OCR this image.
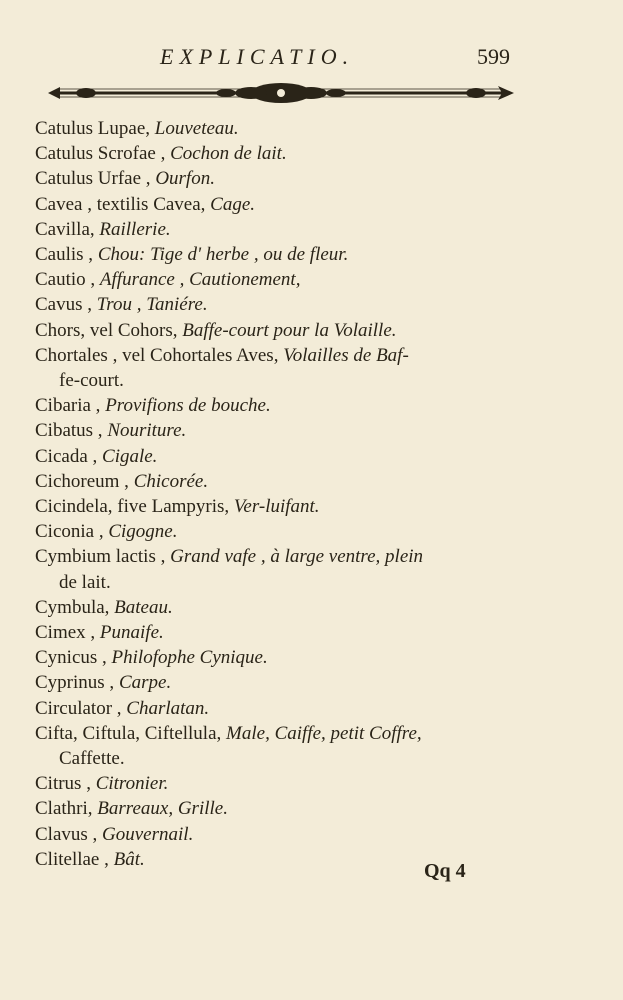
EXPLICATIO.	599
Catulus Lupae, Louveteau.
Catulus Scrofae , Cochon de lait.
Catulus Urfae , Ourfon.
Cavea , textilis Cavea, Cage.
Cavilla, Raillerie.
Caulis , Chou: Tige d' herbe , ou de fleur.
Cautio , Affurance , Cautionement,
Cavus , Trou , Taniére.
Chors, vel Cohors, Baffe-court pour la Volaille.
Chortales , vel Cohortales Aves, Volailles de Baf-
fe-court.
Cibaria , Provifions de bouche.
Cibatus , Nouriture.
Cicada , Cigale.
Cichoreum , Chicorée.
Cicindela, five Lampyris, Ver-luifant.
Ciconia , Cigogne.
Cymbium lactis , Grand vafe , à large ventre, plein
de lait.
Cymbula, Bateau.
Cimex , Punaife.
Cynicus , Philofophe Cynique.
Cyprinus , Carpe.
Circulator , Charlatan.
Cifta, Ciftula, Ciftellula, Male, Caiffe, petit Coffre,
Caffette.
Citrus , Citronier.
Clathri, Barreaux, Grille.
Clavus , Gouvernail.
Clitellae , Bât.
Qq 4
